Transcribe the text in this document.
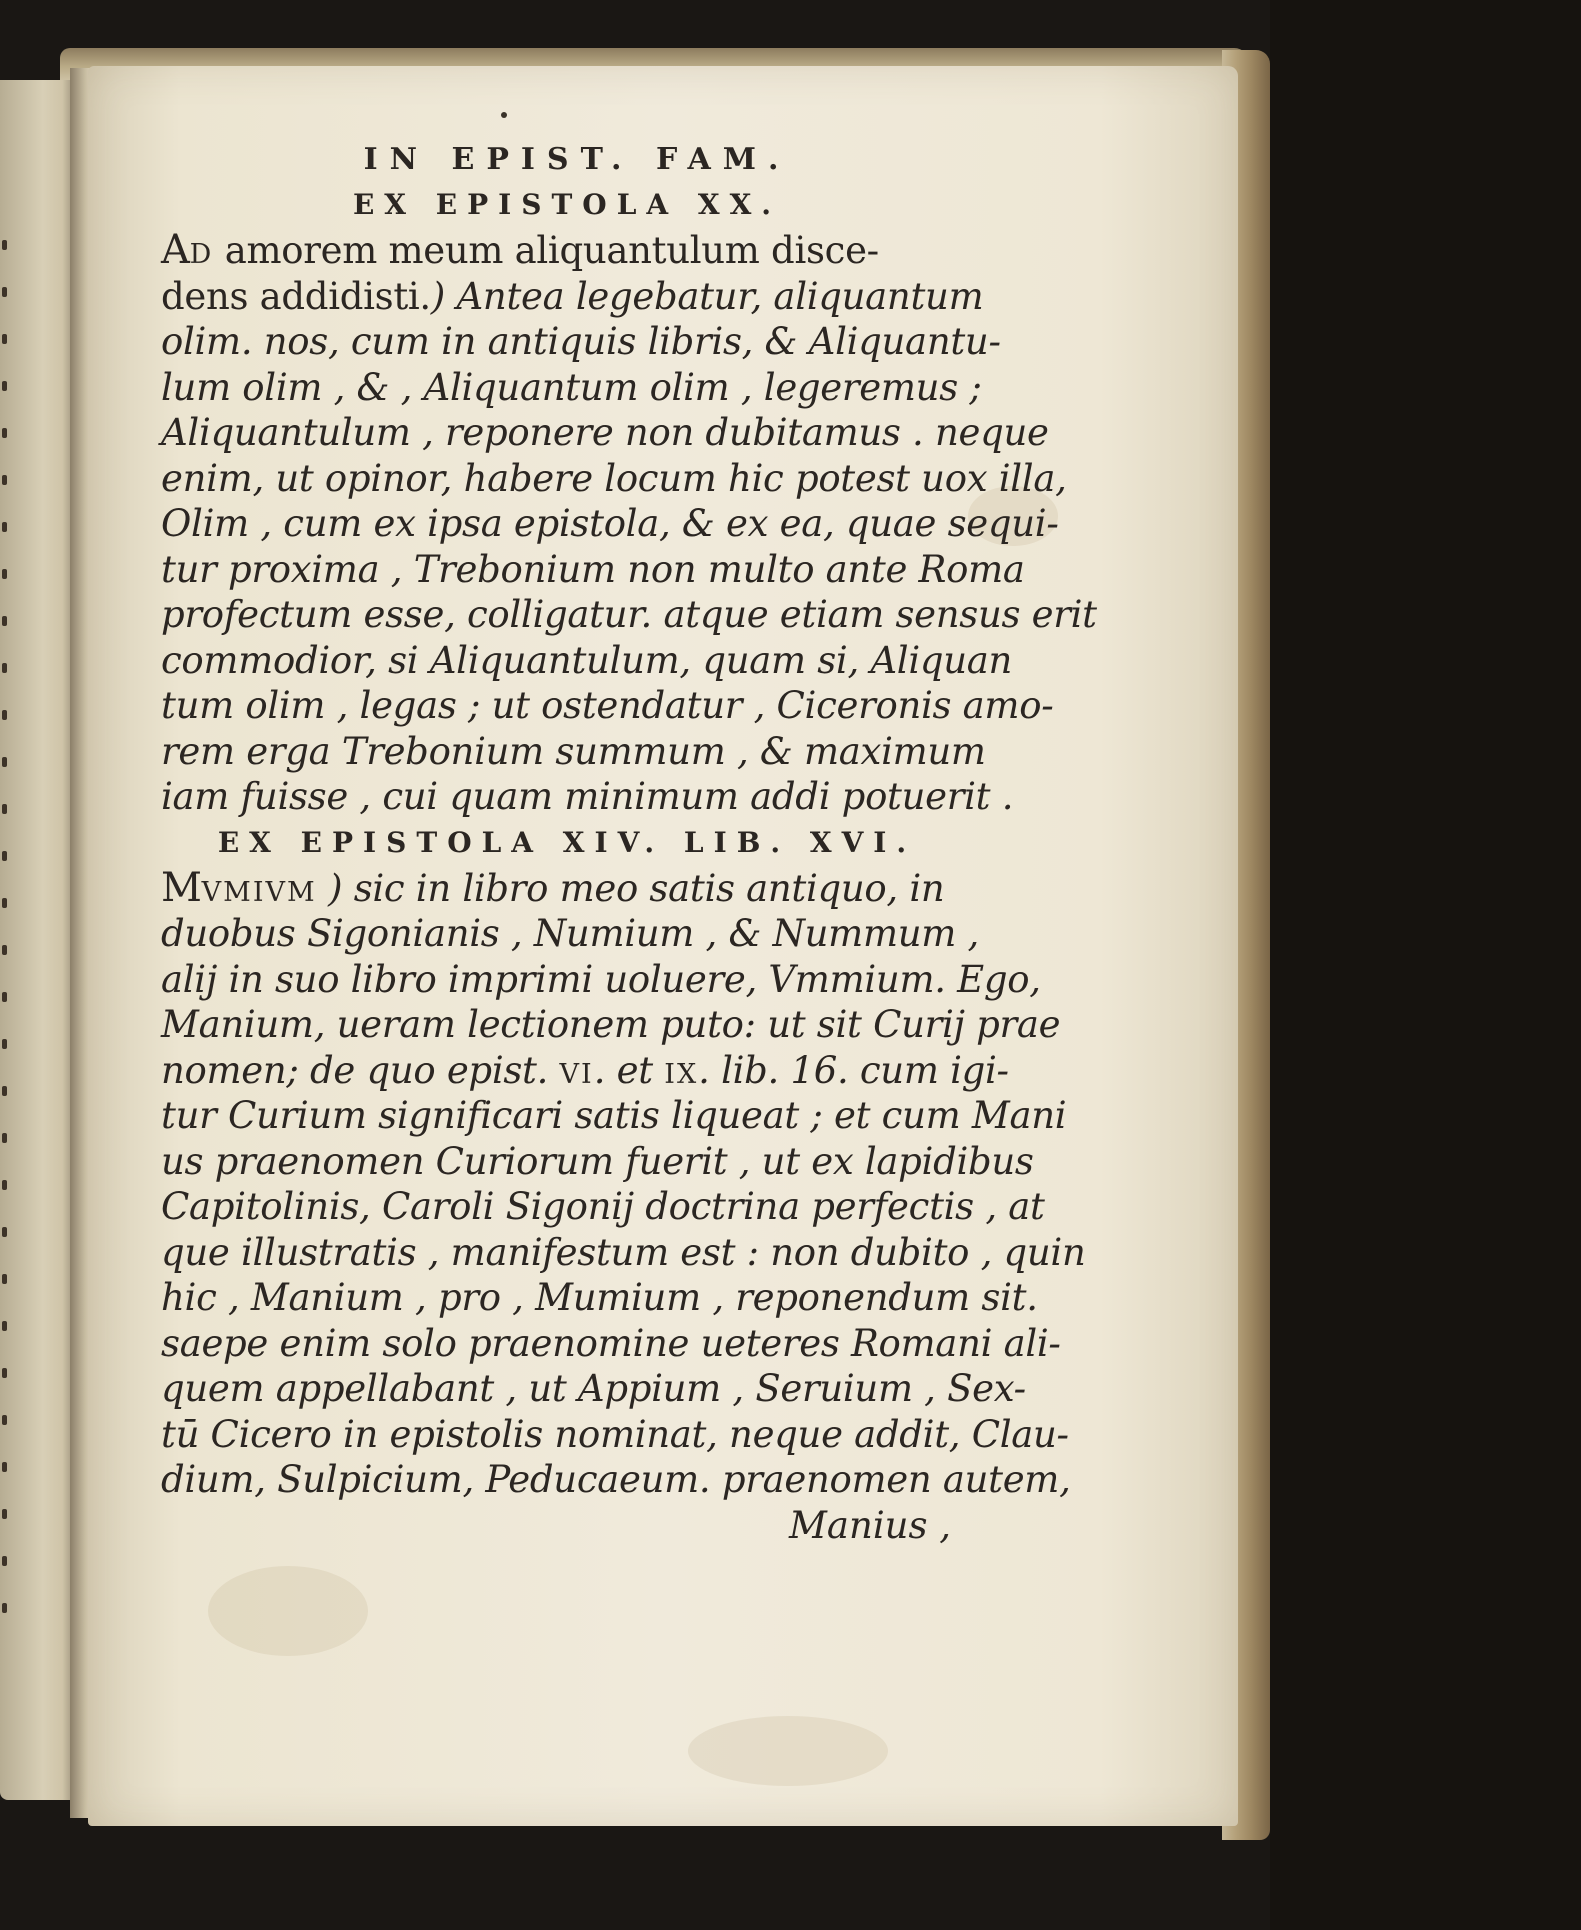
IN EPIST. FAM.
EX EPISTOLA XX.
AD amorem meum aliquantulum disce-
dens addidisti.) Antea legebatur, aliquantum
olim. nos, cum in antiquis libris, & Aliquantu-
lum olim , & , Aliquantum olim , legeremus ;
Aliquantulum , reponere non dubitamus . neque
enim, ut opinor, habere locum hic potest uox illa,
Olim , cum ex ipsa epistola, & ex ea, quae sequi-
tur proxima , Trebonium non multo ante Roma
profectum esse, colligatur. atque etiam sensus erit
commodior, si Aliquantulum, quam si, Aliquan
tum olim , legas ; ut ostendatur , Ciceronis amo-
rem erga Trebonium summum , & maximum
iam fuisse , cui quam minimum addi potuerit .
EX EPISTOLA XIV. LIB. XVI.
MVMIVM ) sic in libro meo satis antiquo, in
duobus Sigonianis , Numium , & Nummum ,
alij in suo libro imprimi uoluere, Vmmium. Ego,
Manium, ueram lectionem puto: ut sit Curij prae
nomen; de quo epist. VI. et IX. lib. 16. cum igi-
tur Curium significari satis liqueat ; et cum Mani
us praenomen Curiorum fuerit , ut ex lapidibus
Capitolinis, Caroli Sigonij doctrina perfectis , at
que illustratis , manifestum est : non dubito , quin
hic , Manium , pro , Mumium , reponendum sit.
saepe enim solo praenomine ueteres Romani ali-
quem appellabant , ut Appium , Seruium , Sex-
tū Cicero in epistolis nominat, neque addit, Clau-
dium, Sulpicium, Peducaeum. praenomen autem,
Manius ,
